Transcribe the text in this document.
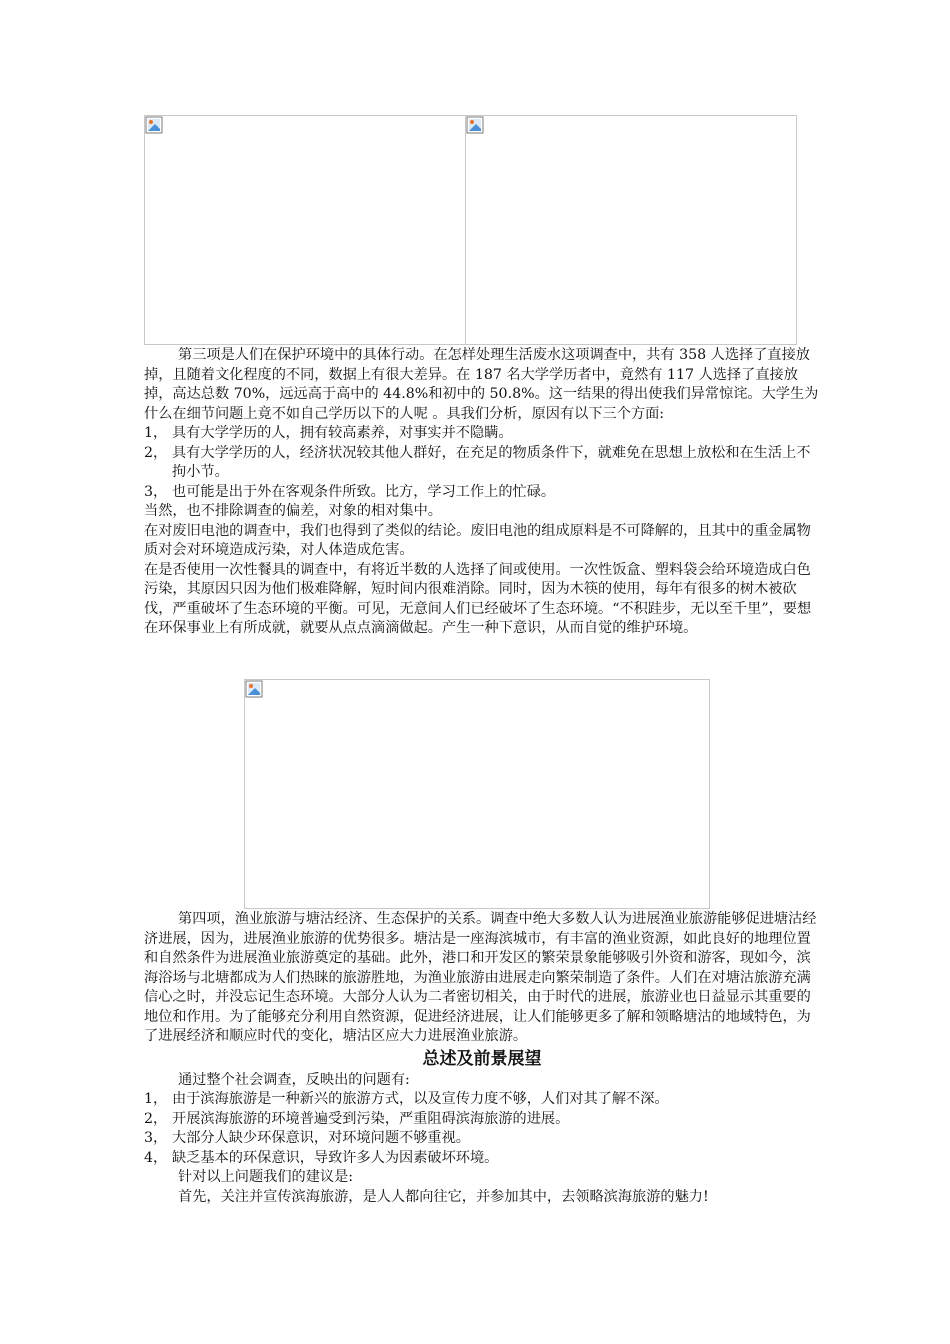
第三项是人们在保护环境中的具体行动。在怎样处理生活废水这项调查中，共有 358 人选择了直接放掉，且随着文化程度的不同，数据上有很大差异。在 187 名大学学历者中，竟然有 117 人选择了直接放掉，高达总数 70%，远远高于高中的 44.8%和初中的 50.8%。这一结果的得出使我们异常惊诧。大学生为什么在细节问题上竟不如自己学历以下的人呢 。具我们分析，原因有以下三个方面:

1， 具有大学学历的人，拥有较高素养，对事实并不隐瞒。

2， 具有大学学历的人，经济状况较其他人群好，在充足的物质条件下，就难免在思想上放松和在生活上不拘小节。

3， 也可能是出于外在客观条件所致。比方，学习工作上的忙碌。

当然，也不排除调查的偏差，对象的相对集中。

在对废旧电池的调查中，我们也得到了类似的结论。废旧电池的组成原料是不可降解的，且其中的重金属物质对会对环境造成污染，对人体造成危害。

在是否使用一次性餐具的调查中，有将近半数的人选择了间或使用。一次性饭盒、塑料袋会给环境造成白色污染，其原因只因为他们极难降解，短时间内很难消除。同时，因为木筷的使用，每年有很多的树木被砍伐，严重破坏了生态环境的平衡。可见，无意间人们已经破坏了生态环境。“不积跬步，无以至千里”，要想在环保事业上有所成就，就要从点点滴滴做起。产生一种下意识，从而自觉的维护环境。

第四项，渔业旅游与塘沽经济、生态保护的关系。调查中绝大多数人认为进展渔业旅游能够促进塘沽经济进展，因为，进展渔业旅游的优势很多。塘沽是一座海滨城市，有丰富的渔业资源，如此良好的地理位置和自然条件为进展渔业旅游奠定的基础。此外，港口和开发区的繁荣景象能够吸引外资和游客，现如今，滨海浴场与北塘都成为人们热睐的旅游胜地，为渔业旅游由进展走向繁荣制造了条件。人们在对塘沽旅游充满信心之时，并没忘记生态环境。大部分人认为二者密切相关，由于时代的进展，旅游业也日益显示其重要的地位和作用。为了能够充分利用自然资源，促进经济进展，让人们能够更多了解和领略塘沽的地域特色，为了进展经济和顺应时代的变化，塘沽区应大力进展渔业旅游。

总述及前景展望

通过整个社会调查，反映出的问题有:

1， 由于滨海旅游是一种新兴的旅游方式，以及宣传力度不够，人们对其了解不深。

2， 开展滨海旅游的环境普遍受到污染，严重阻碍滨海旅游的进展。

3， 大部分人缺少环保意识，对环境问题不够重视。

4， 缺乏基本的环保意识，导致许多人为因素破坏环境。

针对以上问题我们的建议是:

首先，关注并宣传滨海旅游，是人人都向往它，并参加其中，去领略滨海旅游的魅力!
